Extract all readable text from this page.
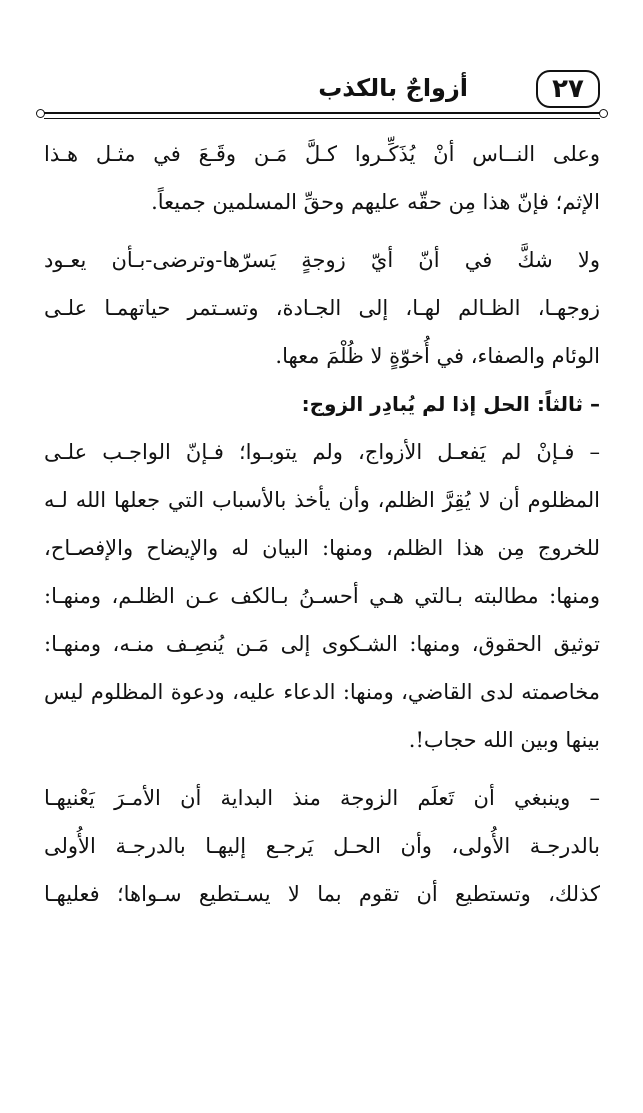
٢٧
أزواجٌ بالكذب
وعلى النــاس أنْ يُذَكِّـروا كـلَّ مَـن وقَـعَ في مثـل هـذا
الإثم؛ فإنّ هذا مِن حقّه عليهم وحقِّ المسلمين جميعاً.
ولا شكَّ في أنّ أيّ زوجةٍ يَسرّها-وترضى-بـأن يعـود
زوجهـا، الظـالم لهـا، إلى الجـادة، وتسـتمر حياتهمـا علـى
الوئام والصفاء، في أُخوّةٍ لا ظُلْمَ معها.
– ثالثاً: الحل إذا لم يُبادِر الزوج:
– فـإنْ لم يَفعـل الأزواج، ولم يتوبـوا؛ فـإنّ الواجـب علـى
المظلوم أن لا يُقِرَّ الظلم، وأن يأخذ بالأسباب التي جعلها الله لـه
للخروج مِن هذا الظلم، ومنها: البيان له والإيضاح والإفصـاح،
ومنها: مطالبته بـالتي هـي أحسـنُ بـالكف عـن الظلـم، ومنهـا:
توثيق الحقوق، ومنها: الشـكوى إلى مَـن يُنصِـف منـه، ومنهـا:
مخاصمته لدى القاضي، ومنها: الدعاء عليه، ودعوة المظلوم ليس
بينها وبين الله حجاب!.
– وينبغي أن تَعلَم الزوجة منذ البداية أن الأمـرَ يَعْنيهـا
بالدرجـة الأُولى، وأن الحـل يَرجـع إليهـا بالدرجـة الأُولى
كذلك، وتستطيع أن تقوم بما لا يسـتطيع سـواها؛ فعليهـا
